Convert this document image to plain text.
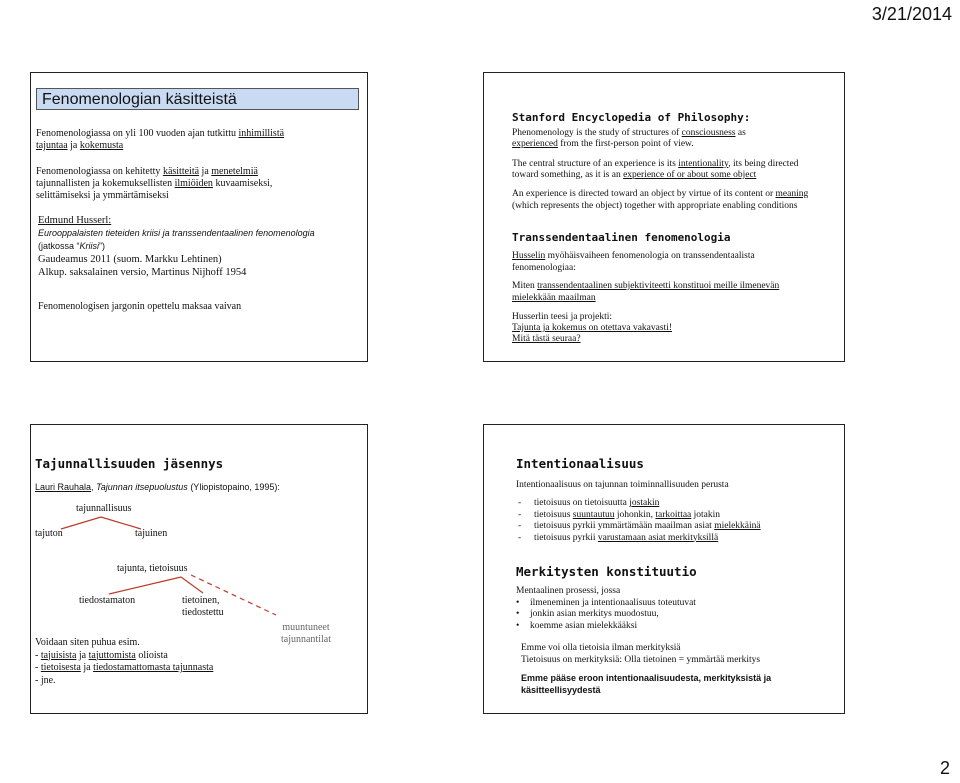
3/21/2014
Fenomenologian käsitteistä
Fenomenologiassa on yli 100 vuoden ajan tutkittu inhimillistä
tajuntaa ja kokemusta
Fenomenologiassa on kehitetty käsitteitä ja menetelmiä
tajunnallisten ja kokemuksellisten ilmiöiden kuvaamiseksi,
selittämiseksi ja ymmärtämiseksi
Edmund Husserl:
Eurooppalaisten tieteiden kriisi ja transsendentaalinen fenomenologia
(jatkossa “Kriisi”)
Gaudeamus 2011 (suom. Markku Lehtinen)
Alkup. saksalainen versio, Martinus Nijhoff 1954
Fenomenologisen jargonin opettelu maksaa vaivan
Stanford Encyclopedia of Philosophy:
Phenomenology is the study of structures of consciousness as
experienced from the first-person point of view.
The central structure of an experience is its intentionality, its being directed
toward something, as it is an experience of or about some object
An experience is directed toward an object by virtue of its content or meaning
(which represents the object) together with appropriate enabling conditions
Transsendentaalinen fenomenologia
Husselin myöhäisvaiheen fenomenologia on transsendentaalista
fenomenologiaa:
Miten transsendentaalinen subjektiviteetti konstituoi meille ilmenevän
mielekkään maailman
Husserlin teesi ja projekti:
Tajunta ja kokemus on otettava vakavasti!
Mitä tästä seuraa?
Tajunnallisuuden jäsennys
Lauri Rauhala, Tajunnan itsepuolustus (Yliopistopaino, 1995):
tajunnallisuus
tajuton	tajuinen
tajunta, tietoisuus
tiedostamaton	tietoinen,
tiedostettu
muuntuneet
tajunnantilat
Voidaan siten puhua esim.
- tajuisista ja tajuttomista olioista
- tietoisesta ja tiedostamattomasta tajunnasta
- jne.
Intentionaalisuus
Intentionaalisuus on tajunnan toiminnallisuuden perusta
- tietoisuus on tietoisuutta jostakin
- tietoisuus suuntautuu johonkin, tarkoittaa jotakin
- tietoisuus pyrkii ymmärtämään maailman asiat mielekkäinä
- tietoisuus pyrkii varustamaan asiat merkityksillä
Merkitysten konstituutio
Mentaalinen prosessi, jossa
• ilmeneminen ja intentionaalisuus toteutuvat
• jonkin asian merkitys muodostuu,
• koemme asian mielekkääksi
Emme voi olla tietoisia ilman merkityksiä
Tietoisuus on merkityksiä: Olla tietoinen = ymmärtää merkitys
Emme pääse eroon intentionaalisuudesta, merkityksistä ja
käsitteellisyydestä
2
